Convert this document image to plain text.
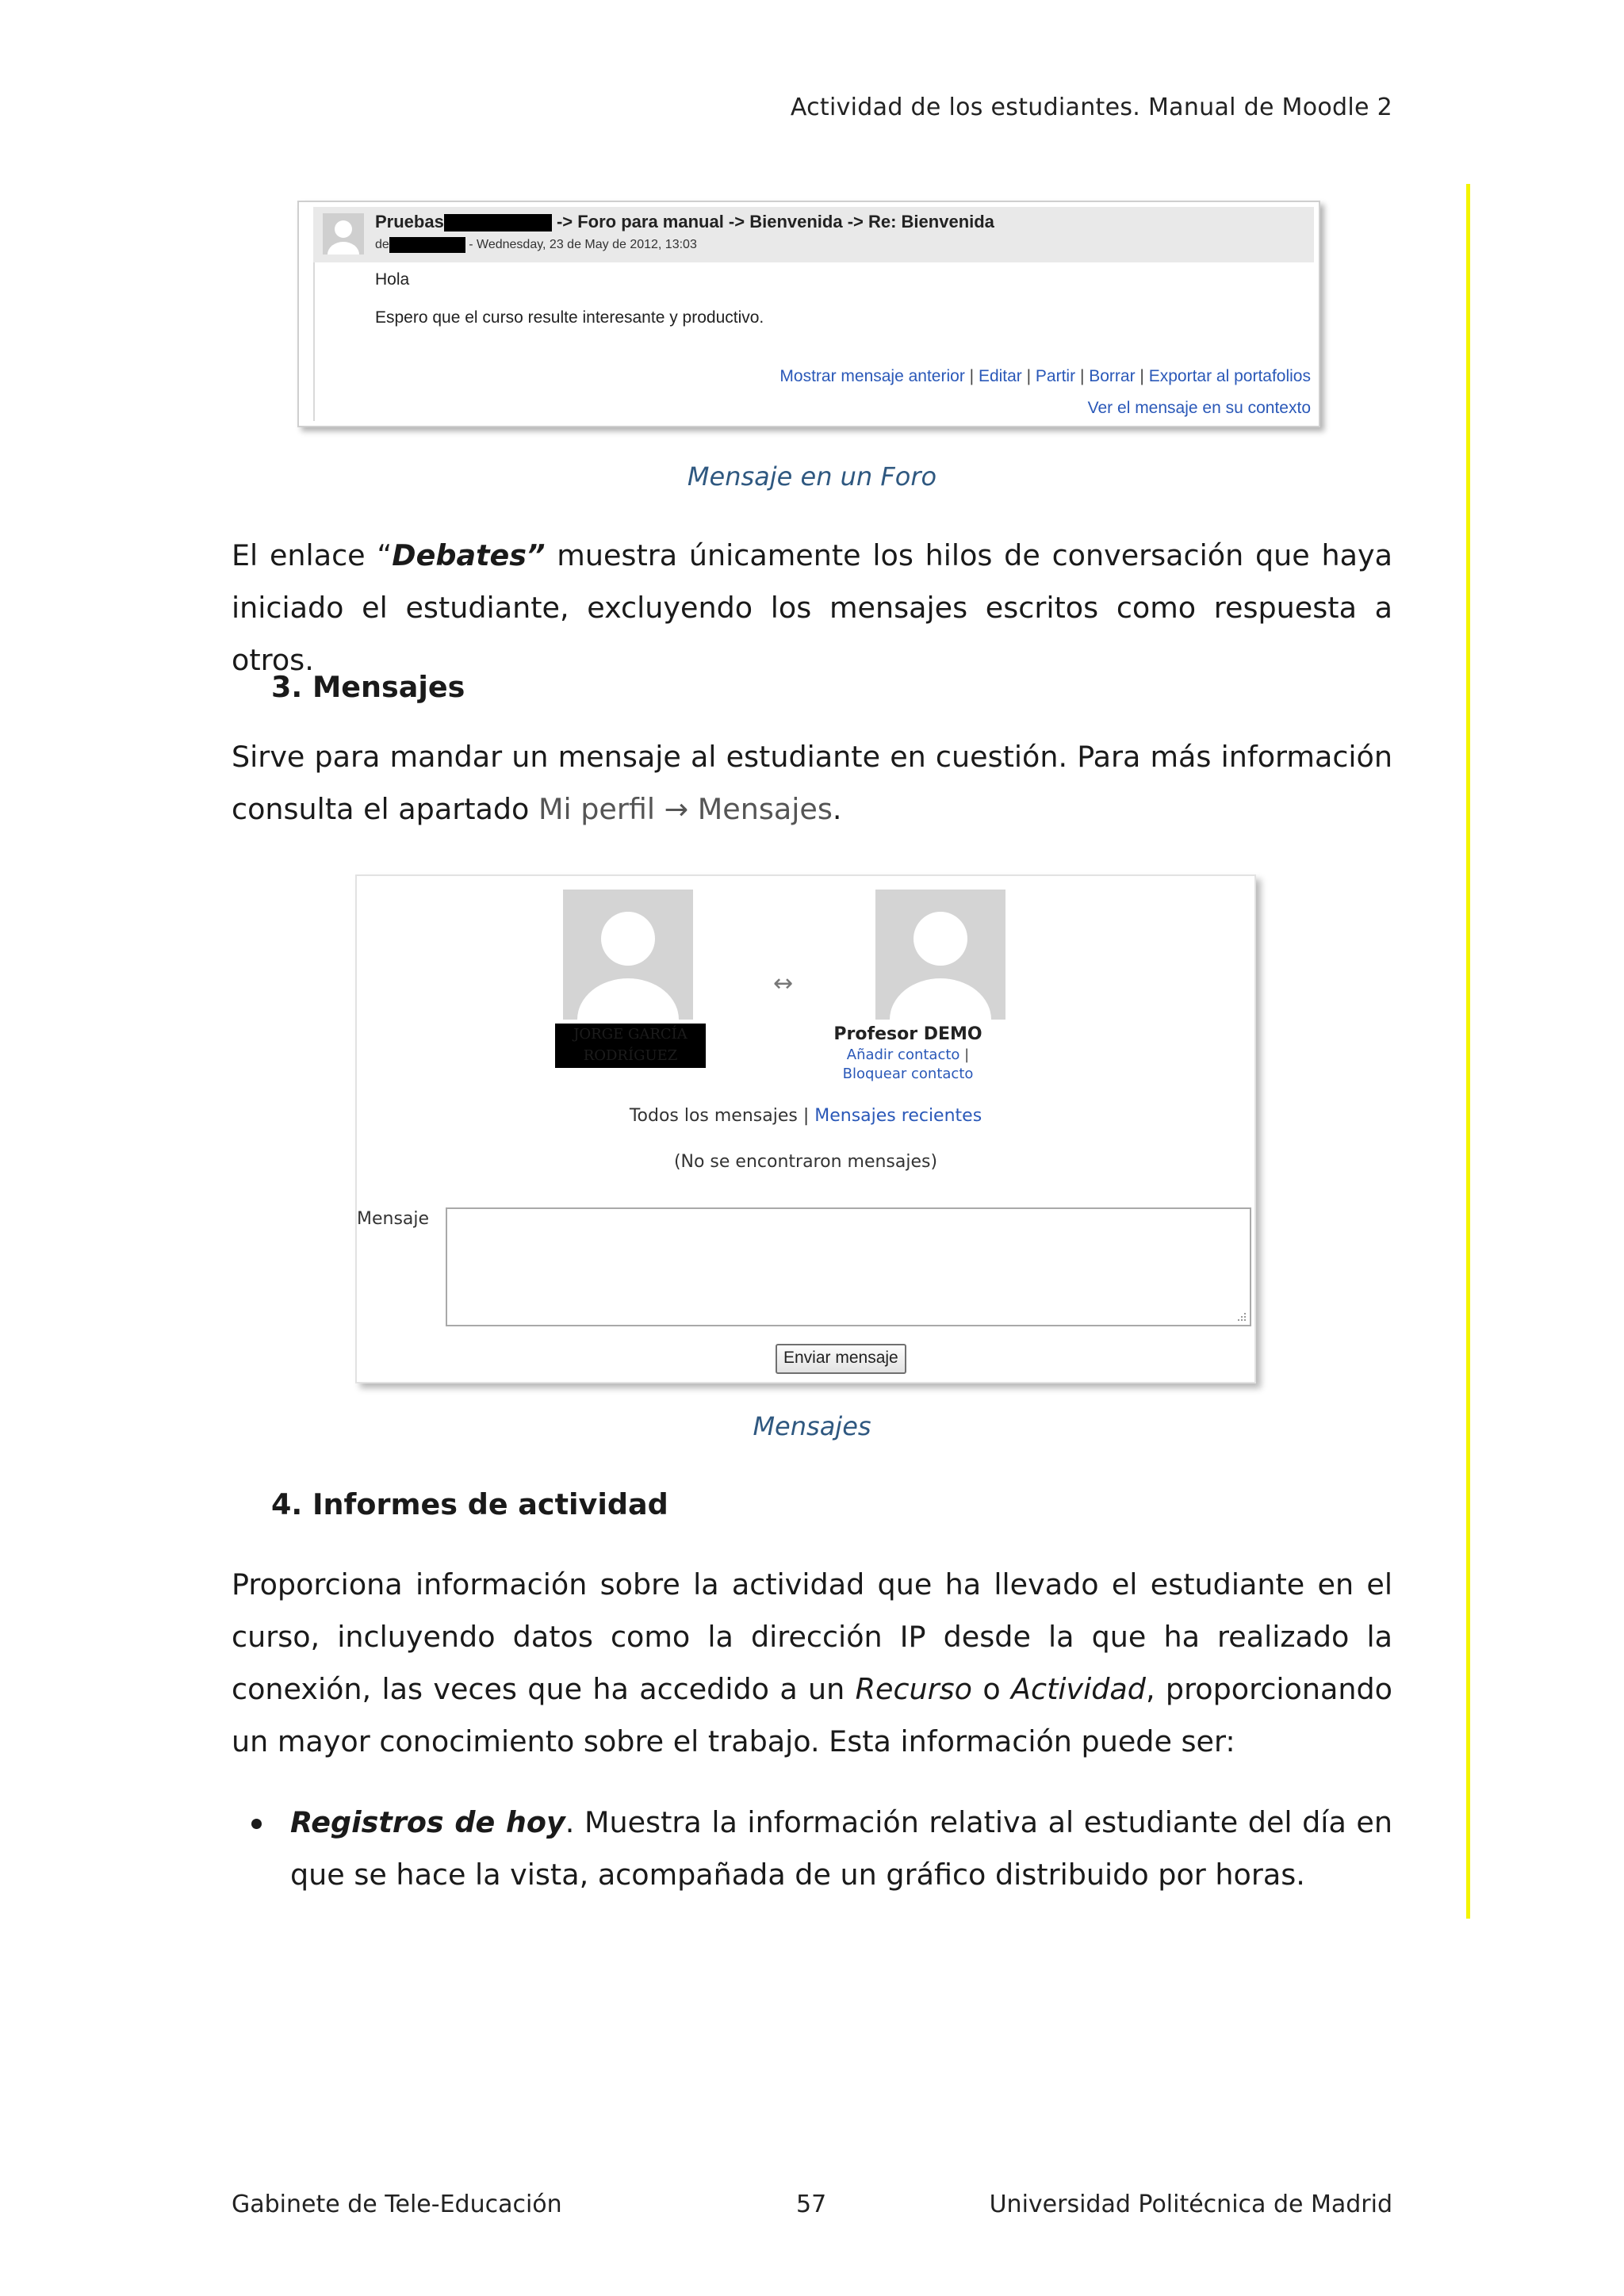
Actividad de los estudiantes. Manual de Moodle 2
Pruebas	-> Foro para manual -> Bienvenida -> Re: Bienvenida
de	- Wednesday, 23 de May de 2012, 13:03
Hola
Espero que el curso resulte interesante y productivo.
Mostrar mensaje anterior | Editar | Partir | Borrar | Exportar al portafolios
Ver el mensaje en su contexto
Mensaje en un Foro
El enlace “Debates” muestra únicamente los hilos de conversación que haya iniciado el estudiante, excluyendo los mensajes escritos como respuesta a otros.
3. Mensajes
Sirve para mandar un mensaje al estudiante en cuestión. Para más información consulta el apartado Mi perfil → Mensajes.
↔
JORGE GARCÍA RODRÍGUEZ
Profesor DEMO
Añadir contacto | Bloquear contacto
Todos los mensajes | Mensajes recientes
(No se encontraron mensajes)
Mensaje
Enviar mensaje
Mensajes
4. Informes de actividad
Proporciona información sobre la actividad que ha llevado el estudiante en el curso, incluyendo datos como la dirección IP desde la que ha realizado la conexión, las veces que ha accedido a un Recurso o Actividad, proporcionando un mayor conocimiento sobre el trabajo. Esta información puede ser:
Registros de hoy. Muestra la información relativa al estudiante del día en que se hace la vista, acompañada de un gráfico distribuido por horas.
Gabinete de Tele-Educación	57	Universidad Politécnica de Madrid
